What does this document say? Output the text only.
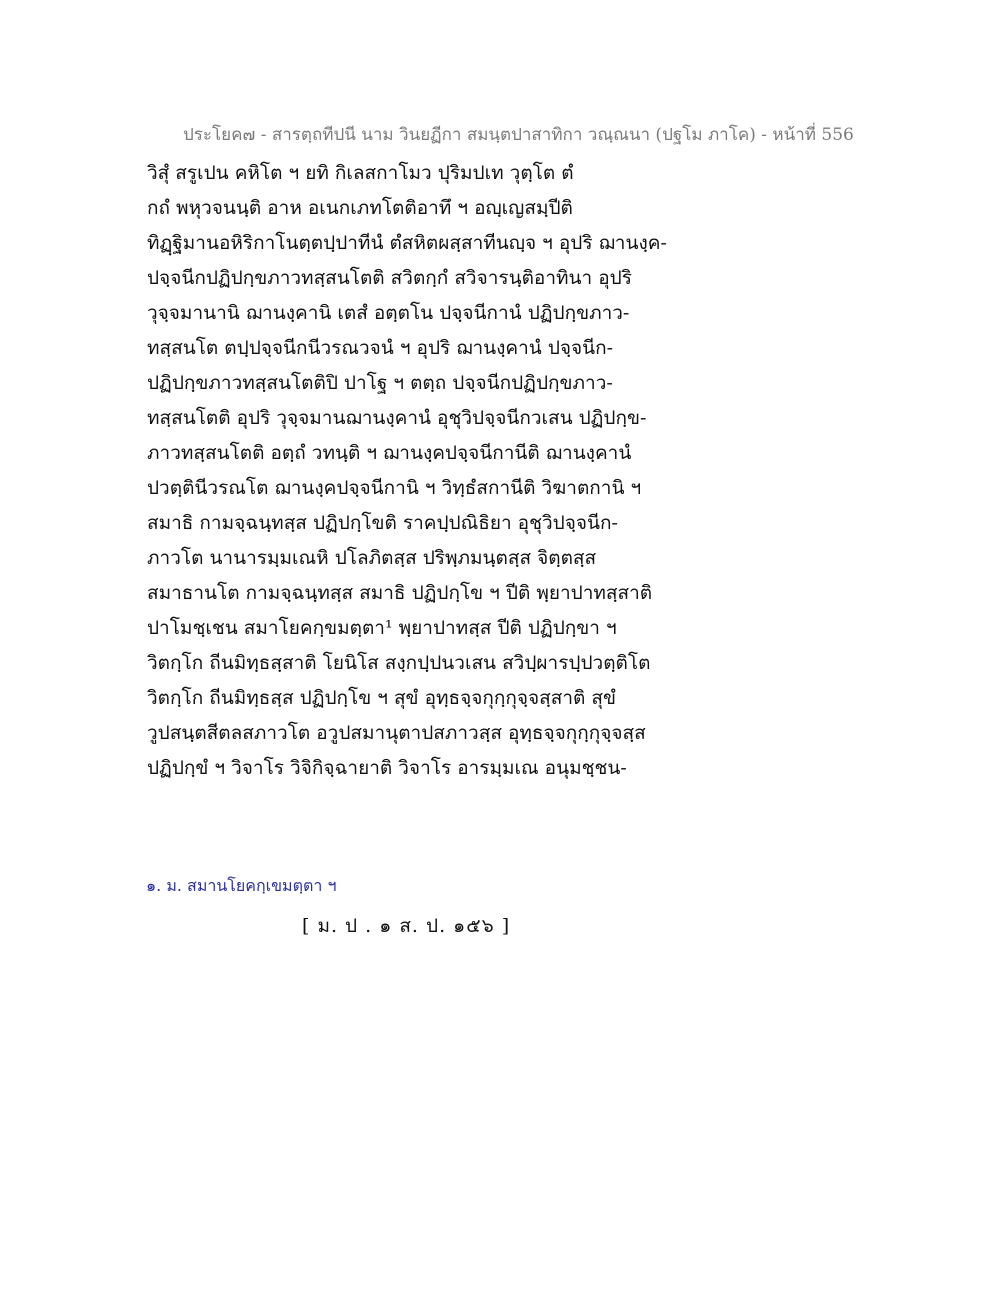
ประโยค๗ - สารตฺถทีปนี นาม วินยฏีกา สมนฺตปาสาทิกา วณฺณนา (ปฐโม ภาโค) - หน้าที่ 556
วิสุํ สรูเปน คหิโต ฯ ยทิ กิเลสกาโมว ปุริมปเท วุตฺโต ตํ
กถํ พหุวจนนฺติ อาห อเนกเภทโตติอาทึ ฯ อญฺเญสมฺปีติ
ทิฏฺฐิมานอหิริกาโนตฺตปฺปาทีนํ ตํสหิตผสฺสาทีนญฺจ ฯ อุปริ ฌานงฺค-
ปจฺจนีกปฏิปกฺขภาวทสฺสนโตติ สวิตกฺกํ สวิจารนฺติอาทินา อุปริ
วุจฺจมานานิ ฌานงฺคานิ เตสํ อตฺตโน ปจฺจนีกานํ ปฏิปกฺขภาว-
ทสฺสนโต ตปฺปจฺจนีกนีวรณวจนํ ฯ อุปริ ฌานงฺคานํ ปจฺจนีก-
ปฏิปกฺขภาวทสฺสนโตติปิ ปาโฐ ฯ ตตฺถ ปจฺจนีกปฏิปกฺขภาว-
ทสฺสนโตติ อุปริ วุจฺจมานฌานงฺคานํ อุชุวิปจฺจนีกวเสน ปฏิปกฺข-
ภาวทสฺสนโตติ อตฺถํ วทนฺติ ฯ ฌานงฺคปจฺจนีกานีติ ฌานงฺคานํ
ปวตฺตินีวรณโต ฌานงฺคปจฺจนีกานิ ฯ วิทฺธํสกานีติ วิฆาตกานิ ฯ
สมาธิ กามจฺฉนฺทสฺส ปฏิปกฺโขติ ราคปฺปณิธิยา อุชุวิปจฺจนีก-
ภาวโต นานารมฺมเณหิ ปโลภิตสฺส ปริพฺภมนฺตสฺส จิตฺตสฺส
สมาธานโต กามจฺฉนฺทสฺส สมาธิ ปฏิปกฺโข ฯ ปีติ พฺยาปาทสฺสาติ
ปาโมชฺเชน สมาโยคกฺขมตฺตา¹ พฺยาปาทสฺส ปีติ ปฏิปกฺขา ฯ
วิตกฺโก ถีนมิทฺธสฺสาติ โยนิโส สงฺกปฺปนวเสน สวิปฺผารปฺปวตฺติโต
วิตกฺโก ถีนมิทฺธสฺส ปฏิปกฺโข ฯ สุขํ อุทฺธจฺจกุกฺกุจฺจสฺสาติ สุขํ
วูปสนฺตสีตลสภาวโต อวูปสมานุตาปสภาวสฺส อุทฺธจฺจกุกฺกุจฺจสฺส
ปฏิปกฺขํ ฯ วิจาโร วิจิกิจฺฉายาติ วิจาโร อารมฺมเณ อนุมชฺชน-
๑. ม. สมานโยคกฺเขมตฺตา ฯ
[ ม. ป . ๑ ส. ป. ๑๕๖ ]
